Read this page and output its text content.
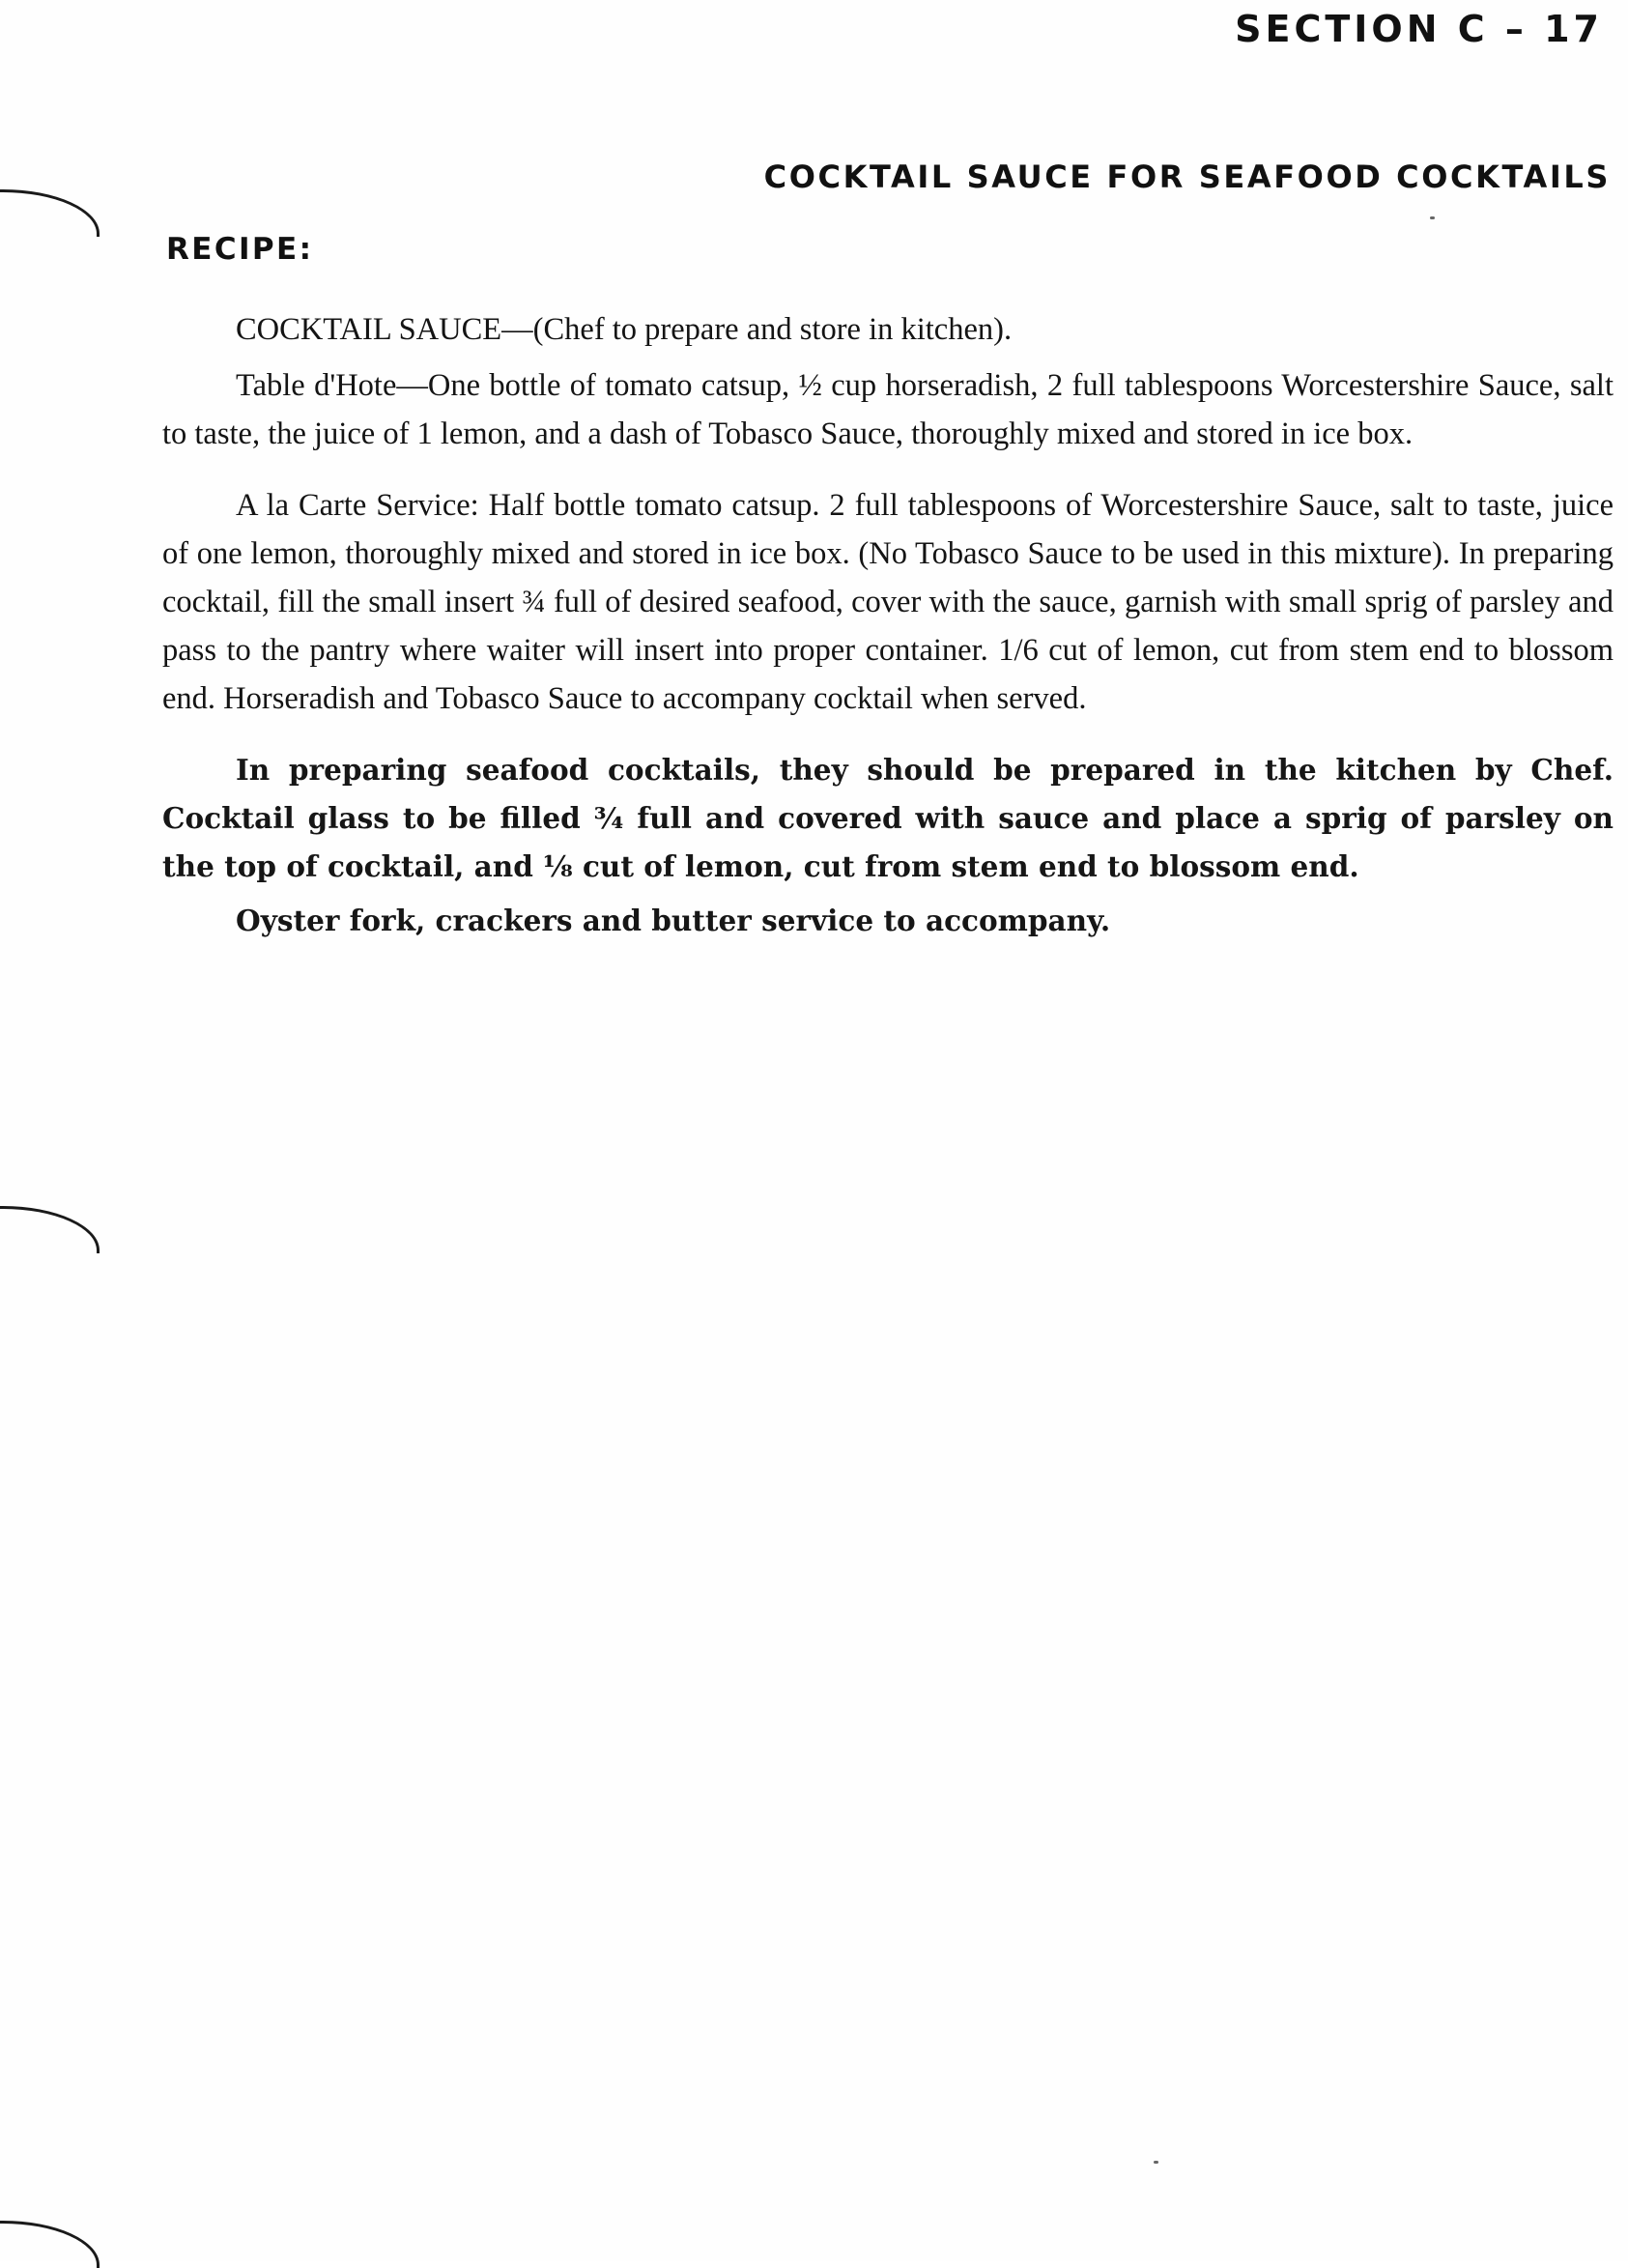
SECTION C – 17
COCKTAIL SAUCE FOR SEAFOOD COCKTAILS
RECIPE:

COCKTAIL SAUCE—(Chef to prepare and store in kitchen).

Table d'Hote—One bottle of tomato catsup, ½ cup horseradish, 2 full tablespoons Worcestershire Sauce, salt to taste, the juice of 1 lemon, and a dash of Tobasco Sauce, thoroughly mixed and stored in ice box.

A la Carte Service: Half bottle tomato catsup. 2 full tablespoons of Worcestershire Sauce, salt to taste, juice of one lemon, thoroughly mixed and stored in ice box. (No Tobasco Sauce to be used in this mixture). In preparing cocktail, fill the small insert ¾ full of desired seafood, cover with the sauce, garnish with small sprig of parsley and pass to the pantry where waiter will insert into proper container. 1/6 cut of lemon, cut from stem end to blossom end. Horseradish and Tobasco Sauce to accompany cocktail when served.

In preparing seafood cocktails, they should be prepared in the kitchen by Chef. Cocktail glass to be filled ¾ full and covered with sauce and place a sprig of parsley on the top of cocktail, and ⅛ cut of lemon, cut from stem end to blossom end.

Oyster fork, crackers and butter service to accompany.
